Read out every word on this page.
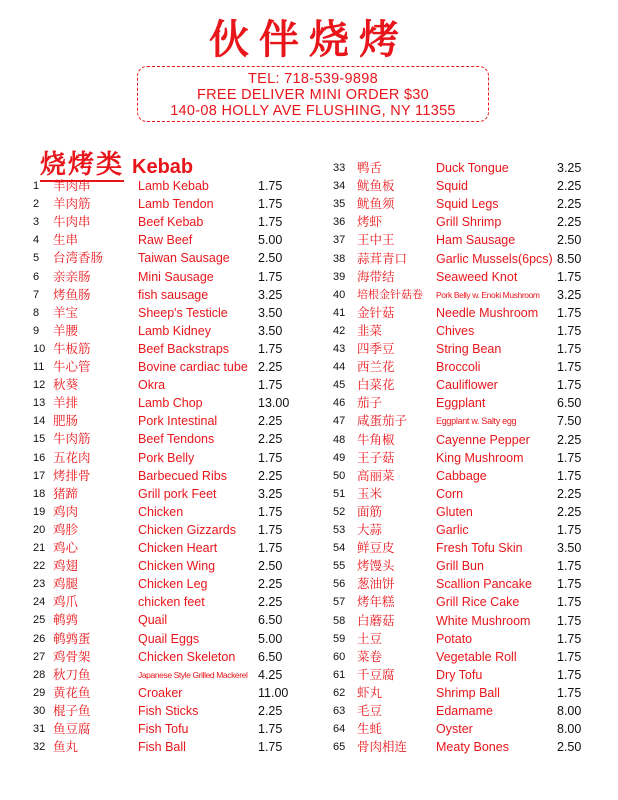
伙伴烧烤
TEL: 718-539-9898
FREE DELIVER MINI ORDER $30
140-08 HOLLY AVE FLUSHING, NY 11355
烧烤类 Kebab
1 羊肉串	Lamb Kebab	1.75
2 羊肉筋	Lamb Tendon	1.75
3 牛肉串	Beef Kebab	1.75
4 生串	Raw Beef	5.00
5 台湾香肠	Taiwan Sausage 2.50
6 亲亲肠	Mini Sausage	1.75
7 烤鱼肠	fish sausage	3.25
8 羊宝	Sheep's Testicle 3.50
9 羊腰	Lamb Kidney	3.50
10 牛板筋	Beef Backstraps 1.75
11 牛心管	Bovine cardiac tube 2.25
12 秋葵	Okra	1.75
13 羊排	Lamb Chop	13.00
14 肥肠	Pork Intestinal	2.25
15 牛肉筋	Beef Tendons	2.25
16 五花肉	Pork Belly	1.75
17 烤排骨	Barbecued Ribs 2.25
18 猪蹄	Grill pork Feet	3.25
19 鸡肉	Chicken	1.75
20 鸡胗	Chicken Gizzards 1.75
21 鸡心	Chicken Heart	1.75
22 鸡翅	Chicken Wing	2.50
23 鸡腿	Chicken Leg	2.25
24 鸡爪	chicken feet	2.25
25 鹌鹑	Quail	6.50
26 鹌鹑蛋	Quail Eggs	5.00
27 鸡骨架	Chicken Skeleton 6.50
28 秋刀鱼	Japanese Style Grilled Mackerel 4.25
29 黄花鱼	Croaker	11.00
30 棍子鱼	Fish Sticks	2.25
31 鱼豆腐	Fish Tofu	1.75
32 鱼丸	Fish Ball	1.75
33 鸭舌	Duck Tongue	3.25
34 鱿鱼板	Squid	2.25
35 鱿鱼须	Squid Legs	2.25
36 烤虾	Grill Shrimp	2.25
37 王中王	Ham Sausage	2.50
38 蒜茸青口 Garlic Mussels(6pcs) 8.50
39 海带结	Seaweed Knot	1.75
40 培根金针菇卷 Pork Belly w. Enoki Mushroom 3.25
41 金针菇	Needle Mushroom 1.75
42 韭菜	Chives	1.75
43 四季豆	String Bean	1.75
44 西兰花	Broccoli	1.75
45 白菜花	Cauliflower	1.75
46 茄子	Eggplant	6.50
47 咸蛋茄子	Eggplant w. Salty egg	7.50
48 牛角椒	Cayenne Pepper 2.25
49 王子菇	King Mushroom	1.75
50 高丽菜	Cabbage	1.75
51 玉米	Corn	2.25
52 面筋	Gluten	2.25
53 大蒜	Garlic	1.75
54 鲜豆皮	Fresh Tofu Skin	3.50
55 烤馒头	Grill Bun	1.75
56 葱油饼	Scallion Pancake 1.75
57 烤年糕	Grill Rice Cake	1.75
58 白蘑菇	White Mushroom 1.75
59 土豆	Potato	1.75
60 菜卷	Vegetable Roll	1.75
61 千豆腐	Dry Tofu	1.75
62 虾丸	Shrimp Ball	1.75
63 毛豆	Edamame	8.00
64 生蚝	Oyster	8.00
65 骨肉相连 Meaty Bones	2.50
